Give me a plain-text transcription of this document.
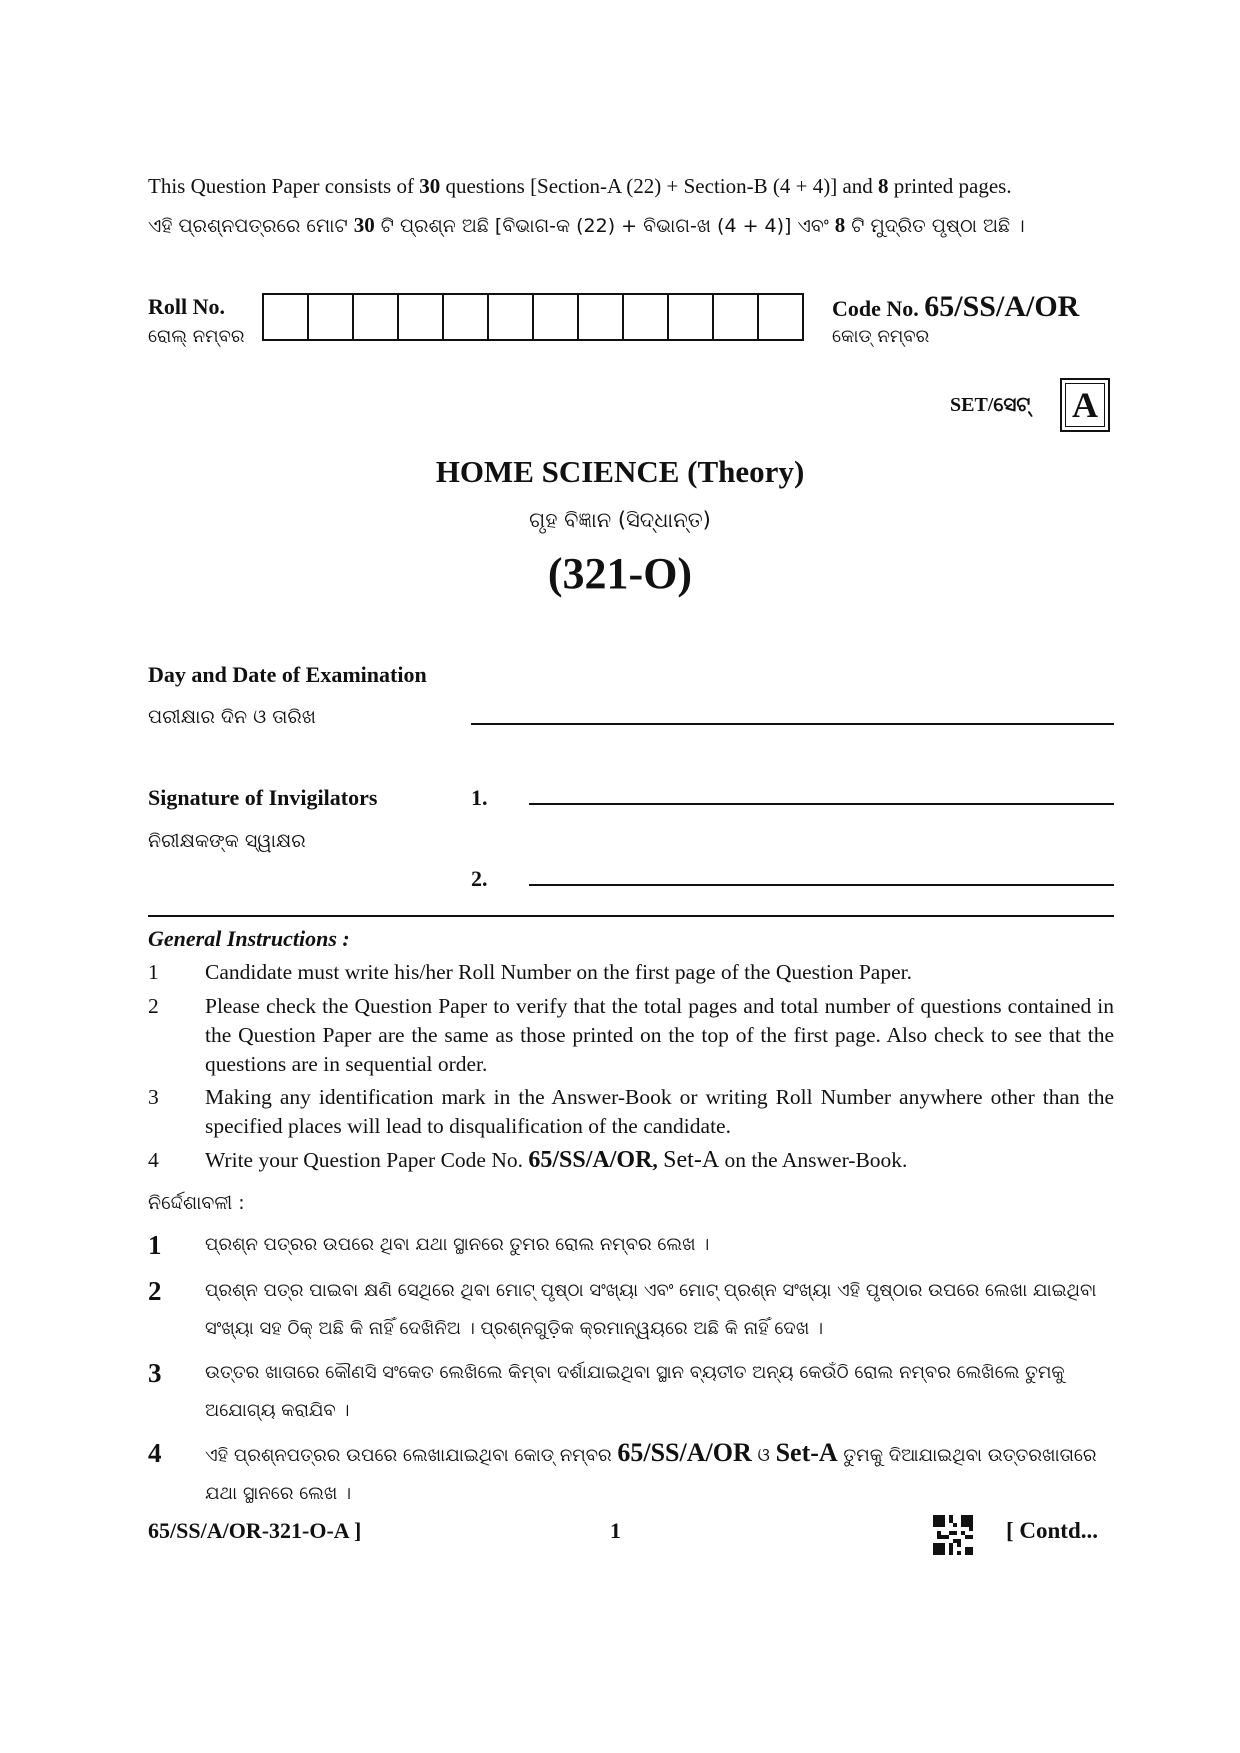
This Question Paper consists of 30 questions [Section-A (22) + Section-B (4 + 4)] and 8 printed pages.
ଏହି ପ୍ରଶ୍ନପତ୍ରରେ ମୋଟ 30 ଟି ପ୍ରଶ୍ନ ଅଛି [ବିଭାଗ-କ (22) + ବିଭାଗ-ଖ (4 + 4)] ଏବଂ 8 ଟି ମୁଦ୍ରିତ ପୃଷ୍ଠା ଅଛି ।
Roll No.
ରୋଲ୍ ନମ୍ବର
Code No. 65/SS/A/OR
କୋଡ୍ ନମ୍ବର
SET/ସେଟ୍	A
HOME SCIENCE (Theory)
ଗୃହ ବିଜ୍ଞାନ (ସିଦ୍ଧାନ୍ତ)
(321-O)
Day and Date of Examination
ପରୀକ୍ଷାର ଦିନ ଓ ତାରିଖ
Signature of Invigilators
ନିରୀକ୍ଷକଙ୍କ ସ୍ୱାକ୍ଷର
1.
2.
General Instructions :
1	Candidate must write his/her Roll Number on the first page of the Question Paper.
2	Please check the Question Paper to verify that the total pages and total number of questions contained in the Question Paper are the same as those printed on the top of the first page. Also check to see that the questions are in sequential order.
3	Making any identification mark in the Answer-Book or writing Roll Number anywhere other than the specified places will lead to disqualification of the candidate.
4	Write your Question Paper Code No. 65/SS/A/OR, Set-A on the Answer-Book.
ନିର୍ଦ୍ଦେଶାବଳୀ :
1	ପ୍ରଶ୍ନ ପତ୍ରର ଉପରେ ଥିବା ଯଥା ସ୍ଥାନରେ ତୁମର ରୋଲ ନମ୍ବର ଲେଖ ।
2	ପ୍ରଶ୍ନ ପତ୍ର ପାଇବା କ୍ଷଣି ସେଥିରେ ଥିବା ମୋଟ୍ ପୃଷ୍ଠା ସଂଖ୍ୟା ଏବଂ ମୋଟ୍ ପ୍ରଶ୍ନ ସଂଖ୍ୟା ଏହି ପୃଷ୍ଠାର ଉପରେ ଲେଖା ଯାଇଥିବା ସଂଖ୍ୟା ସହ ଠିକ୍ ଅଛି କି ନାହିଁ ଦେଖିନିଅ । ପ୍ରଶ୍ନଗୁଡ଼ିକ କ୍ରମାନ୍ୱୟରେ ଅଛି କି ନାହିଁ ଦେଖ ।
3	ଉତ୍ତର ଖାତାରେ କୌଣସି ସଂକେତ ଲେଖିଲେ କିମ୍ବା ଦର୍ଶାଯାଇଥିବା ସ୍ଥାନ ବ୍ୟତୀତ ଅନ୍ୟ କେଉଁଠି ରୋଲ ନମ୍ବର ଲେଖିଲେ ତୁମକୁ ଅଯୋଗ୍ୟ କରାଯିବ ।
4	ଏହି ପ୍ରଶ୍ନପତ୍ରର ଉପରେ ଲେଖାଯାଇଥିବା କୋଡ୍ ନମ୍ବର 65/SS/A/OR ଓ Set-A ତୁମକୁ ଦିଆଯାଇଥିବା ଉତ୍ତରଖାତାରେ ଯଥା ସ୍ଥାନରେ ଲେଖ ।
65/SS/A/OR-321-O-A ]	1	[ Contd...
